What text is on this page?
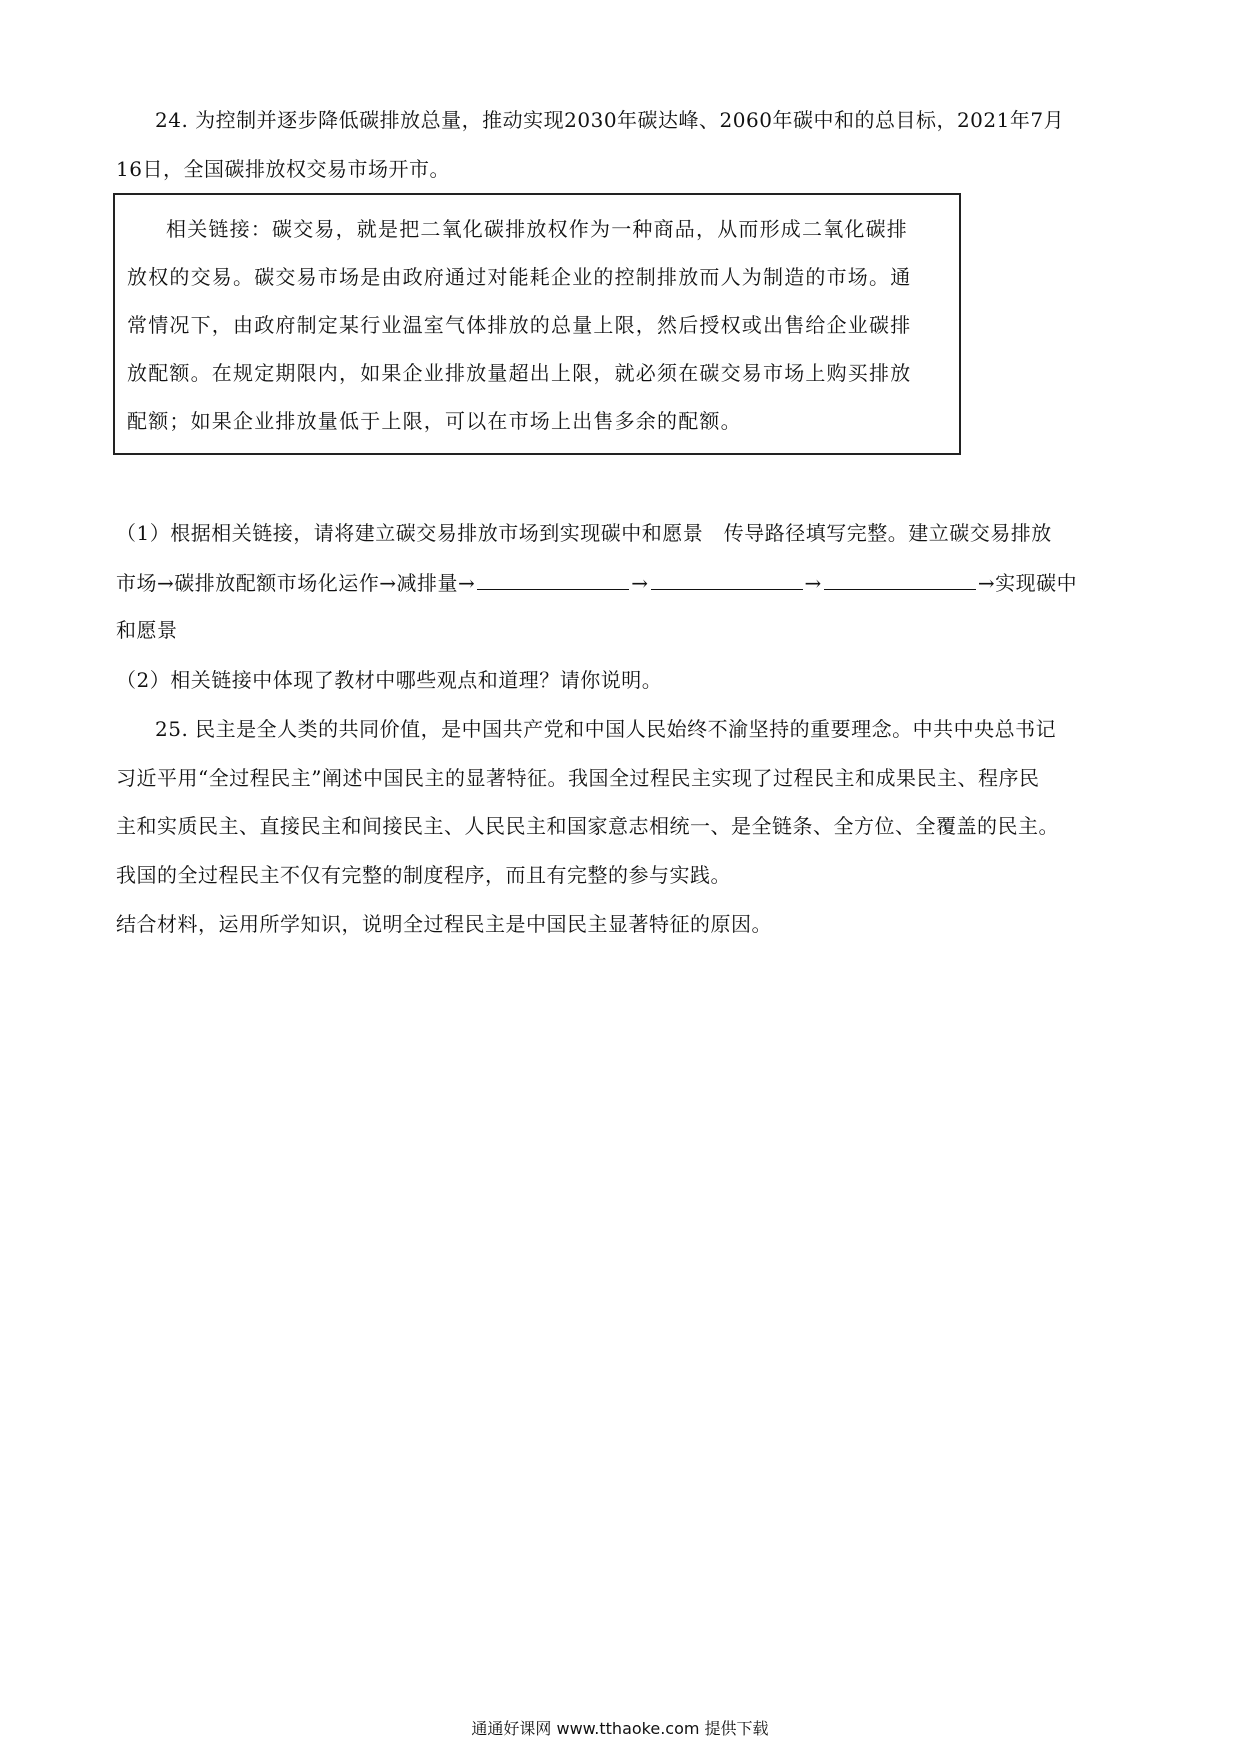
24. 为控制并逐步降低碳排放总量，推动实现2030年碳达峰、2060年碳中和的总目标，2021年7月
16日，全国碳排放权交易市场开市。
相关链接：碳交易，就是把二氧化碳排放权作为一种商品，从而形成二氧化碳排
放权的交易。碳交易市场是由政府通过对能耗企业的控制排放而人为制造的市场。通
常情况下，由政府制定某行业温室气体排放的总量上限，然后授权或出售给企业碳排
放配额。在规定期限内，如果企业排放量超出上限，就必须在碳交易市场上购买排放
配额；如果企业排放量低于上限，可以在市场上出售多余的配额。
（1）根据相关链接，请将建立碳交易排放市场到实现碳中和愿景　传导路径填写完整。建立碳交易排放
市场→碳排放配额市场化运作→减排量→	→	→	→实现碳中
和愿景
（2）相关链接中体现了教材中哪些观点和道理？请你说明。
25. 民主是全人类的共同价值，是中国共产党和中国人民始终不渝坚持的重要理念。中共中央总书记
习近平用“全过程民主”阐述中国民主的显著特征。我国全过程民主实现了过程民主和成果民主、程序民
主和实质民主、直接民主和间接民主、人民民主和国家意志相统一、是全链条、全方位、全覆盖的民主。
我国的全过程民主不仅有完整的制度程序，而且有完整的参与实践。
结合材料，运用所学知识，说明全过程民主是中国民主显著特征的原因。
通通好课网 www.tthaoke.com 提供下载
